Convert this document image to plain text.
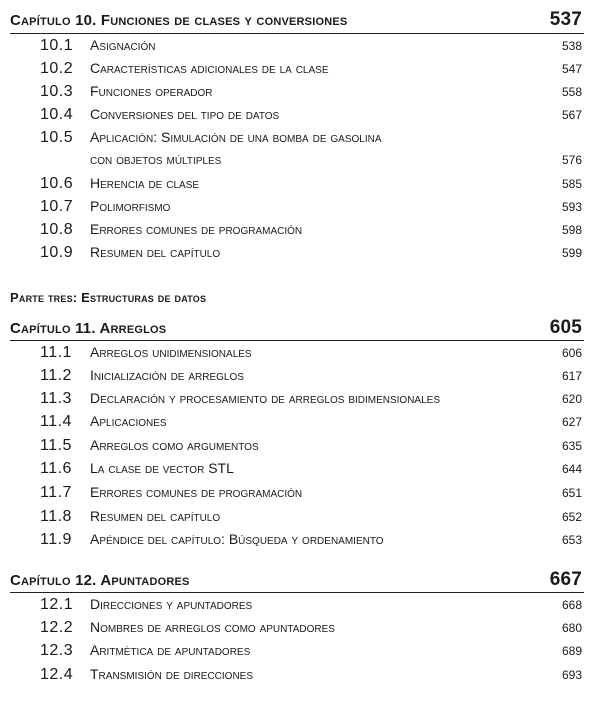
Capítulo 10. Funciones de clases y conversiones	537
10.1	Asignación	538
10.2	Características adicionales de la clase	547
10.3	Funciones operador	558
10.4	Conversiones del tipo de datos	567
10.5	Aplicación: Simulación de una bomba de gasolina
con objetos múltiples	576
10.6	Herencia de clase	585
10.7	Polimorfismo	593
10.8	Errores comunes de programación	598
10.9	Resumen del capítulo	599
Parte tres: Estructuras de datos
Capítulo 11. Arreglos	605
11.1	Arreglos unidimensionales	606
11.2	Inicialización de arreglos	617
11.3	Declaración y procesamiento de arreglos bidimensionales	620
11.4	Aplicaciones	627
11.5	Arreglos como argumentos	635
11.6	La clase de vector STL	644
11.7	Errores comunes de programación	651
11.8	Resumen del capítulo	652
11.9	Apéndice del capítulo: Búsqueda y ordenamiento	653
Capítulo 12. Apuntadores	667
12.1	Direcciones y apuntadores	668
12.2	Nombres de arreglos como apuntadores	680
12.3	Aritmética de apuntadores	689
12.4	Transmisión de direcciones	693
